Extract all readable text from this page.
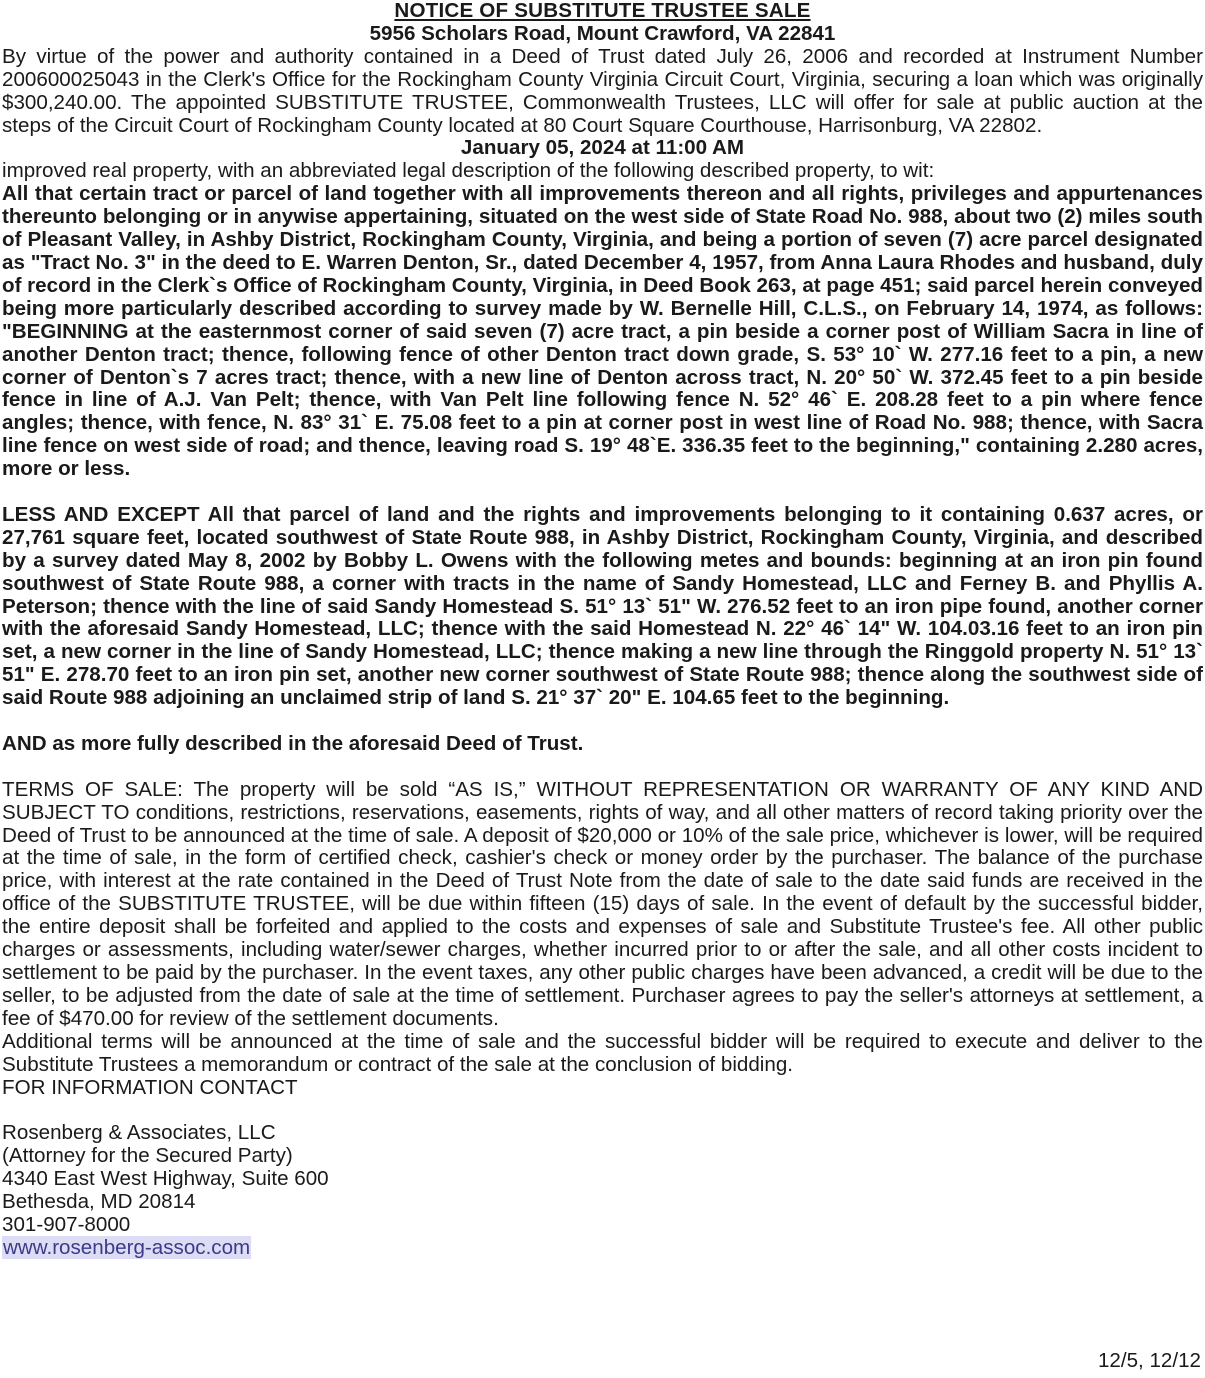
NOTICE OF SUBSTITUTE TRUSTEE SALE

5956 Scholars Road, Mount Crawford, VA 22841

By virtue of the power and authority contained in a Deed of Trust dated July 26, 2006 and recorded at Instrument Number 200600025043 in the Clerk's Office for the Rockingham County Virginia Circuit Court, Virginia, securing a loan which was originally $300,240.00. The appointed SUBSTITUTE TRUSTEE, Commonwealth Trustees, LLC will offer for sale at public auction at the steps of the Circuit Court of Rockingham County located at 80 Court Square Courthouse, Harrisonburg, VA 22802.

January 05, 2024 at 11:00 AM

improved real property, with an abbreviated legal description of the following described property, to wit:

All that certain tract or parcel of land together with all improvements thereon and all rights, privileges and appurtenances thereunto belonging or in anywise appertaining, situated on the west side of State Road No. 988, about two (2) miles south of Pleasant Valley, in Ashby District, Rockingham County, Virginia, and being a portion of seven (7) acre parcel designated as "Tract No. 3" in the deed to E. Warren Denton, Sr., dated December 4, 1957, from Anna Laura Rhodes and husband, duly of record in the Clerk`s Office of Rockingham County, Virginia, in Deed Book 263, at page 451; said parcel herein conveyed being more particularly described according to survey made by W. Bernelle Hill, C.L.S., on February 14, 1974, as follows: "BEGINNING at the easternmost corner of said seven (7) acre tract, a pin beside a corner post of William Sacra in line of another Denton tract; thence, following fence of other Denton tract down grade, S. 53° 10` W. 277.16 feet to a pin, a new corner of Denton`s 7 acres tract; thence, with a new line of Denton across tract, N. 20° 50` W. 372.45 feet to a pin beside fence in line of A.J. Van Pelt; thence, with Van Pelt line following fence N. 52° 46` E. 208.28 feet to a pin where fence angles; thence, with fence, N. 83° 31` E. 75.08 feet to a pin at corner post in west line of Road No. 988; thence, with Sacra line fence on west side of road; and thence, leaving road S. 19° 48`E. 336.35 feet to the beginning," containing 2.280 acres, more or less.

LESS AND EXCEPT All that parcel of land and the rights and improvements belonging to it containing 0.637 acres, or 27,761 square feet, located southwest of State Route 988, in Ashby District, Rockingham County, Virginia, and described by a survey dated May 8, 2002 by Bobby L. Owens with the following metes and bounds: beginning at an iron pin found southwest of State Route 988, a corner with tracts in the name of Sandy Homestead, LLC and Ferney B. and Phyllis A. Peterson; thence with the line of said Sandy Homestead S. 51° 13` 51" W. 276.52 feet to an iron pipe found, another corner with the aforesaid Sandy Homestead, LLC; thence with the said Homestead N. 22° 46` 14" W. 104.03.16 feet to an iron pin set, a new corner in the line of Sandy Homestead, LLC; thence making a new line through the Ringgold property N. 51° 13` 51" E. 278.70 feet to an iron pin set, another new corner southwest of State Route 988; thence along the southwest side of said Route 988 adjoining an unclaimed strip of land S. 21° 37` 20" E. 104.65 feet to the beginning.

AND as more fully described in the aforesaid Deed of Trust.

TERMS OF SALE: The property will be sold “AS IS,” WITHOUT REPRESENTATION OR WARRANTY OF ANY KIND AND SUBJECT TO conditions, restrictions, reservations, easements, rights of way, and all other matters of record taking priority over the Deed of Trust to be announced at the time of sale. A deposit of $20,000 or 10% of the sale price, whichever is lower, will be required at the time of sale, in the form of certified check, cashier's check or money order by the purchaser. The balance of the purchase price, with interest at the rate contained in the Deed of Trust Note from the date of sale to the date said funds are received in the office of the SUBSTITUTE TRUSTEE, will be due within fifteen (15) days of sale. In the event of default by the successful bidder, the entire deposit shall be forfeited and applied to the costs and expenses of sale and Substitute Trustee's fee. All other public charges or assessments, including water/sewer charges, whether incurred prior to or after the sale, and all other costs incident to settlement to be paid by the purchaser. In the event taxes, any other public charges have been advanced, a credit will be due to the seller, to be adjusted from the date of sale at the time of settlement. Purchaser agrees to pay the seller's attorneys at settlement, a fee of $470.00 for review of the settlement documents.

Additional terms will be announced at the time of sale and the successful bidder will be required to execute and deliver to the Substitute Trustees a memorandum or contract of the sale at the conclusion of bidding.

FOR INFORMATION CONTACT

Rosenberg & Associates, LLC

(Attorney for the Secured Party)

4340 East West Highway, Suite 600

Bethesda, MD 20814

301-907-8000

www.rosenberg-assoc.com

12/5, 12/12
